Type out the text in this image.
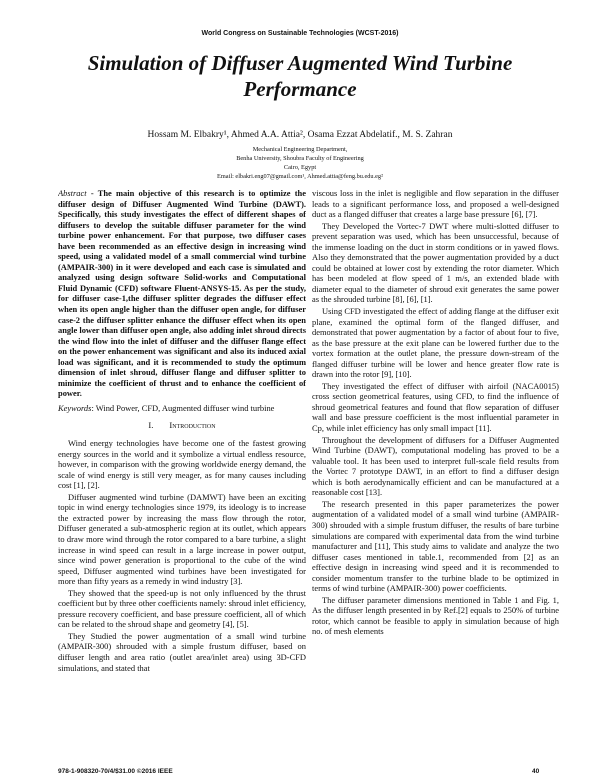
World Congress on Sustainable Technologies (WCST-2016)
Simulation of Diffuser Augmented Wind Turbine Performance
Hossam M. Elbakry¹, Ahmed A.A. Attia², Osama Ezzat Abdelatif., M. S. Zahran
Mechanical Engineering Department,
Benha University, Shoubra Faculty of Engineering
Cairo, Egypt
Email: elbakri.eng07@gmail.com¹, Ahmed.attia@feng.bu.edu.eg²

Abstract - The main objective of this research is to optimize the diffuser design of Diffuser Augmented Wind Turbine (DAWT). Specifically, this study investigates the effect of different shapes of diffusers to develop the suitable diffuser parameter for the wind turbine power enhancement. For that purpose, two diffuser cases have been recommended as an effective design in increasing wind speed, using a validated model of a small commercial wind turbine (AMPAIR-300) in it were developed and each case is simulated and analyzed using design software Solid-works and Computational Fluid Dynamic (CFD) software Fluent-ANSYS-15. As per the study, for diffuser case-1,the diffuser splitter degrades the diffuser effect when its open angle higher than the diffuser open angle, for diffuser case-2 the diffuser splitter enhance the diffuser effect when its open angle lower than diffuser open angle, also adding inlet shroud directs the wind flow into the inlet of diffuser and the diffuser flange effect on the power enhancement was significant and also its induced axial load was significant, and it is recommended to study the optimum dimension of inlet shroud, diffuser flange and diffuser splitter to minimize the coefficient of thrust and to enhance the coefficient of power.

Keywords: Wind Power, CFD, Augmented diffuser wind turbine

I. Introduction

Wind energy technologies have become one of the fastest growing energy sources in the world and it symbolize a virtual endless resource, however, in comparison with the growing worldwide energy demand, the scale of wind energy is still very meager, as for many causes including cost [1], [2].

Diffuser augmented wind turbine (DAMWT) have been an exciting topic in wind energy technologies since 1979, its ideology is to increase the extracted power by increasing the mass flow through the rotor, Diffuser generated a sub-atmospheric region at its outlet, which appears to draw more wind through the rotor compared to a bare turbine, a slight increase in wind speed can result in a large increase in power output, since wind power generation is proportional to the cube of the wind speed, Diffuser augmented wind turbines have been investigated for more than fifty years as a remedy in wind industry [3].

They showed that the speed-up is not only influenced by the thrust coefficient but by three other coefficients namely: shroud inlet efficiency, pressure recovery coefficient, and base pressure coefficient, all of which can be related to the shroud shape and geometry [4], [5].

They Studied the power augmentation of a small wind turbine (AMPAIR-300) shrouded with a simple frustum diffuser, based on diffuser length and area ratio (outlet area/inlet area) using 3D-CFD simulations, and stated that

viscous loss in the inlet is negligible and flow separation in the diffuser leads to a significant performance loss, and proposed a well-designed duct as a flanged diffuser that creates a large base pressure [6], [7].

They Developed the Vortec-7 DWT where multi-slotted diffuser to prevent separation was used, which has been unsuccessful, because of the immense loading on the duct in storm conditions or in yawed flows. Also they demonstrated that the power augmentation provided by a duct could be obtained at lower cost by extending the rotor diameter. Which has been modeled at flow speed of 1 m/s, an extended blade with diameter equal to the diameter of shroud exit generates the same power as the shrouded turbine [8], [6], [1].

Using CFD investigated the effect of adding flange at the diffuser exit plane, examined the optimal form of the flanged diffuser, and demonstrated that power augmentation by a factor of about four to five, as the base pressure at the exit plane can be lowered further due to the vortex formation at the outlet plane, the pressure down-stream of the flanged diffuser turbine will be lower and hence greater flow rate is drawn into the rotor [9], [10].

They investigated the effect of diffuser with airfoil (NACA0015) cross section geometrical features, using CFD, to find the influence of shroud geometrical features and found that flow separation of diffuser wall and base pressure coefficient is the most influential parameter in Cp, while inlet efficiency has only small impact [11].

Throughout the development of diffusers for a Diffuser Augmented Wind Turbine (DAWT), computational modeling has proved to be a valuable tool. It has been used to interpret full-scale field results from the Vortec 7 prototype DAWT, in an effort to find a diffuser design which is both aerodynamically efficient and can be manufactured at a reasonable cost [13].

The research presented in this paper parameterizes the power augmentation of a validated model of a small wind turbine (AMPAIR-300) shrouded with a simple frustum diffuser, the results of bare turbine simulations are compared with experimental data from the wind turbine manufacturer and [11], This study aims to validate and analyze the two diffuser cases mentioned in table.1, recommended from [2] as an effective design in increasing wind speed and it is recommended to consider momentum transfer to the turbine blade to be optimized in terms of wind turbine (AMPAIR-300) power coefficients.

The diffuser parameter dimensions mentioned in Table 1 and Fig. 1, As the diffuser length presented in by Ref.[2] equals to 250% of turbine rotor, which cannot be feasible to apply in simulation because of high no. of mesh elements

978-1-908320-70/4/$31.00 ©2016 IEEE	40
